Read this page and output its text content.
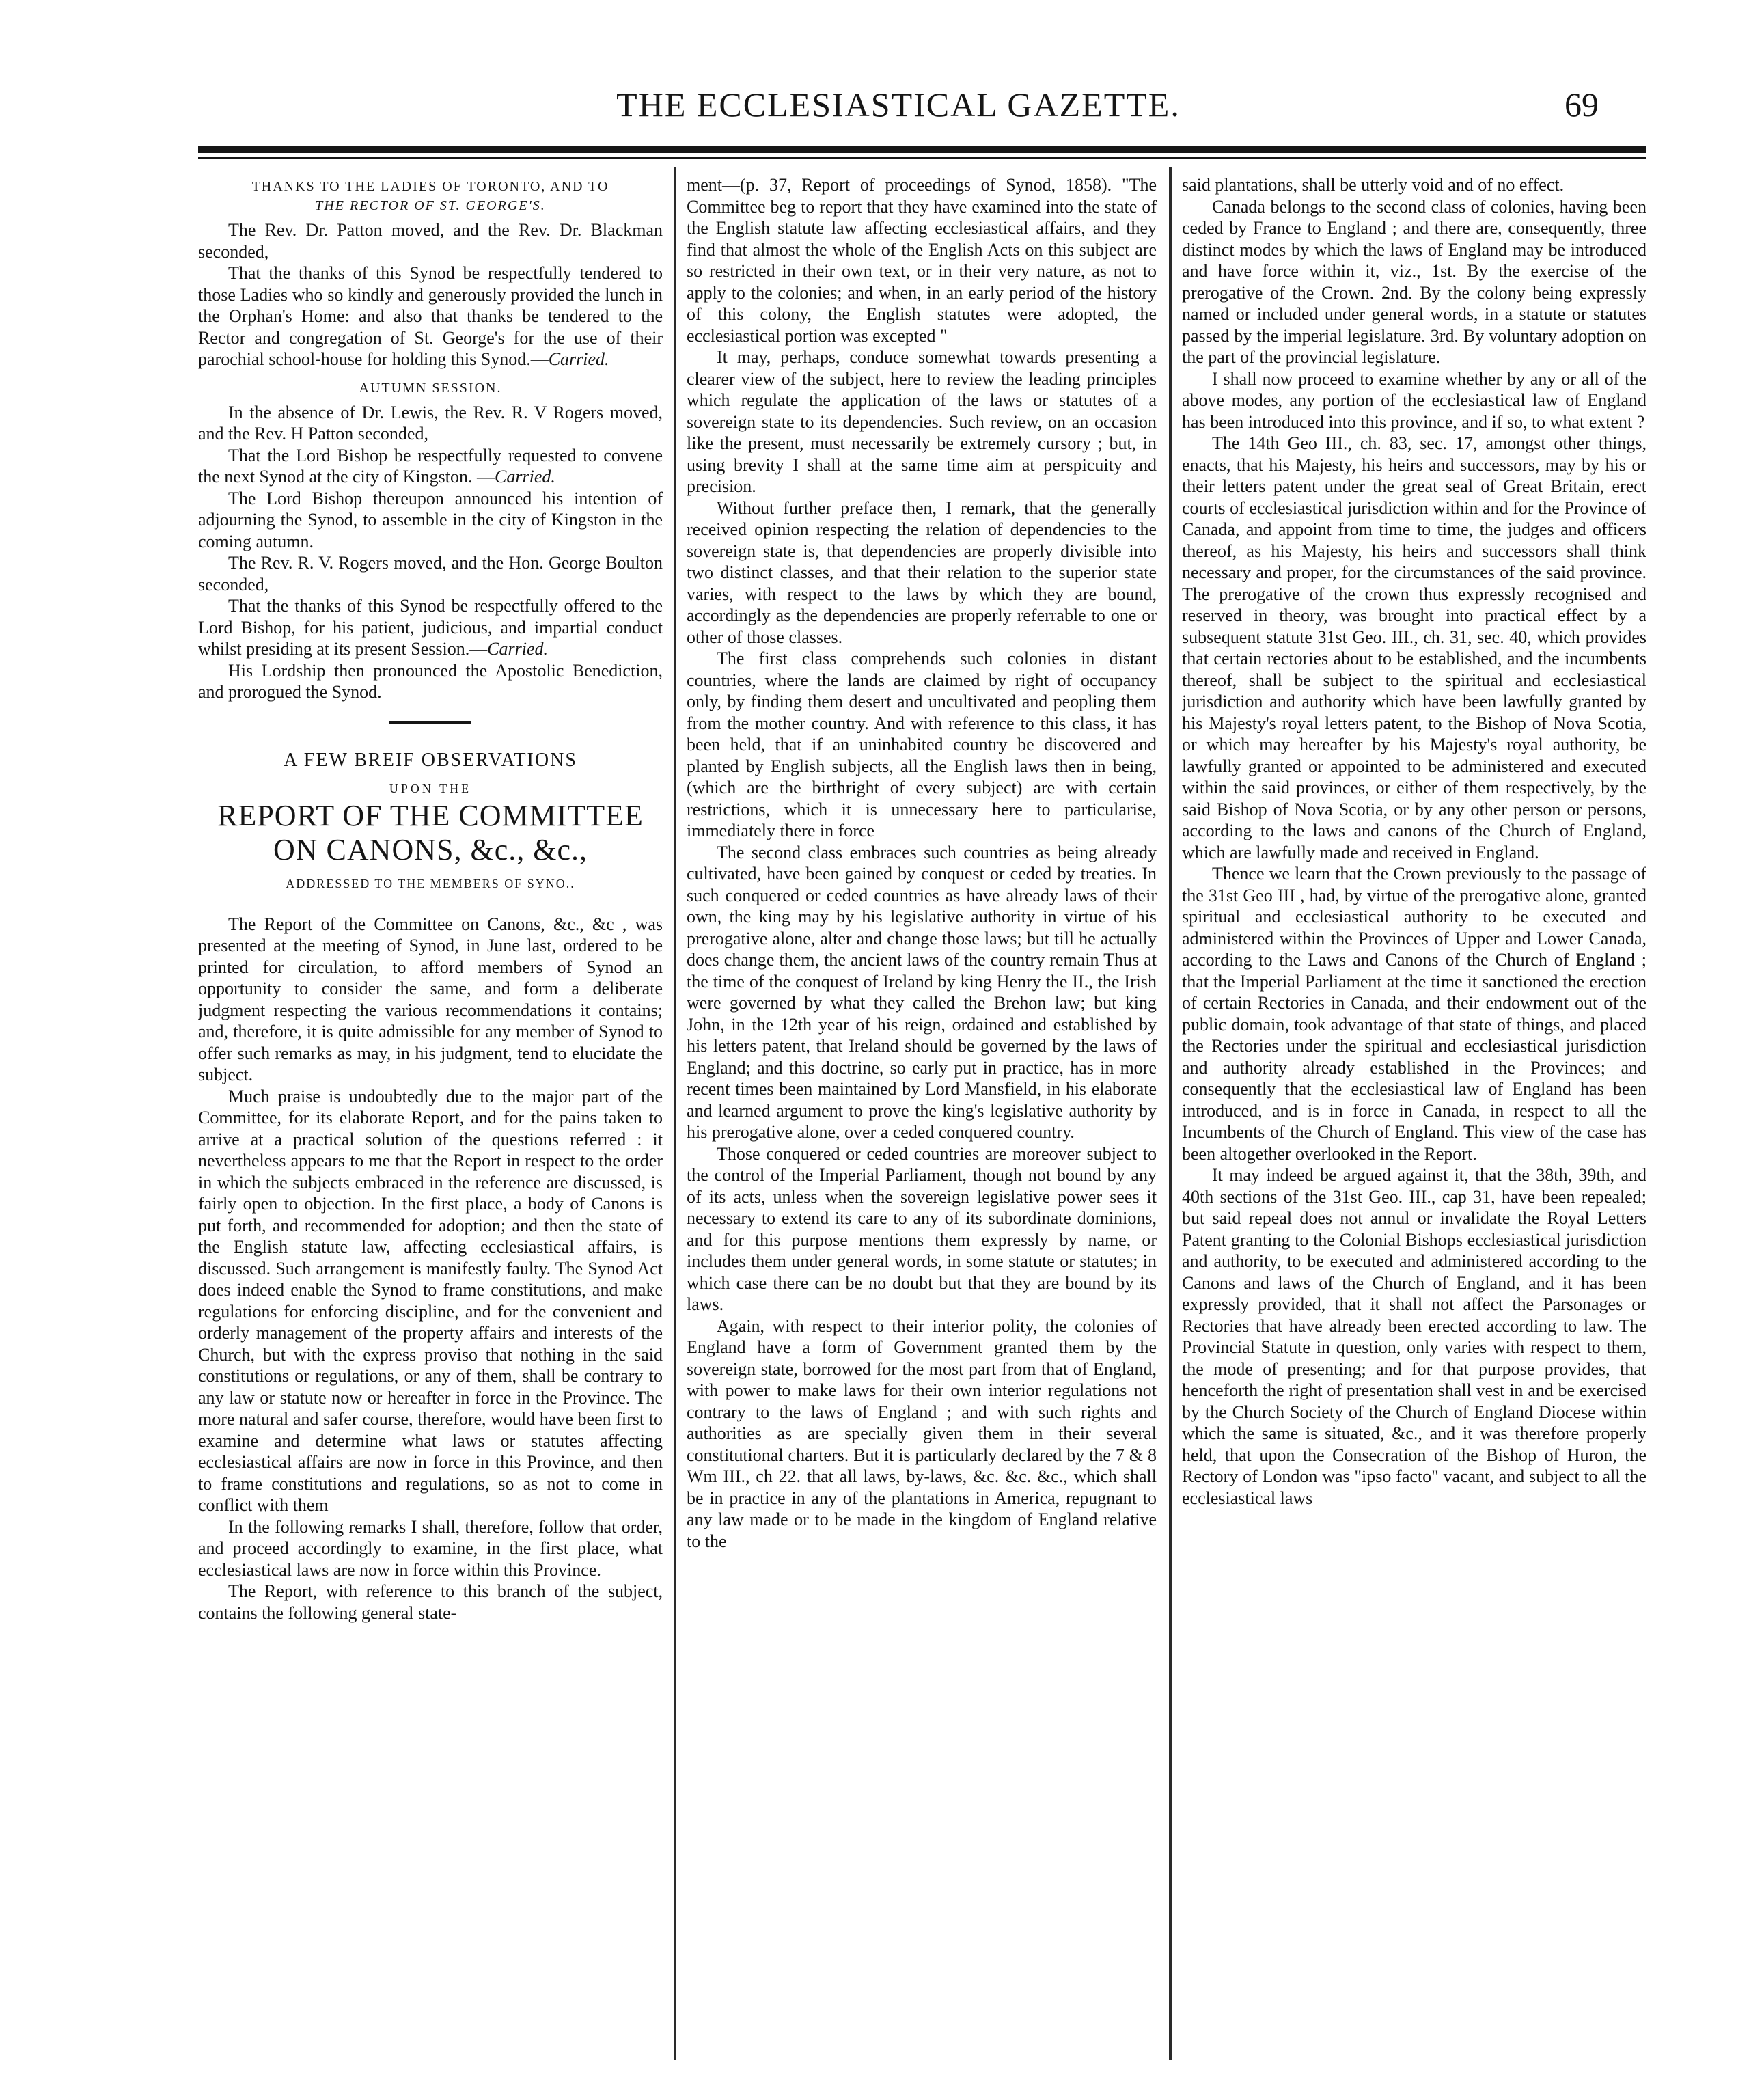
THE ECCLESIASTICAL GAZETTE.	69
THANKS TO THE LADIES OF TORONTO, AND TO
THE RECTOR OF ST. GEORGE'S.

The Rev. Dr. Patton moved, and the Rev. Dr. Blackman seconded,

That the thanks of this Synod be respectfully tendered to those Ladies who so kindly and generously provided the lunch in the Orphan's Home: and also that thanks be tendered to the Rector and congregation of St. George's for the use of their parochial school-house for holding this Synod.—Carried.

AUTUMN SESSION.

In the absence of Dr. Lewis, the Rev. R. V Rogers moved, and the Rev. H Patton seconded,

That the Lord Bishop be respectfully requested to convene the next Synod at the city of Kingston. —Carried.

The Lord Bishop thereupon announced his intention of adjourning the Synod, to assemble in the city of Kingston in the coming autumn.

The Rev. R. V. Rogers moved, and the Hon. George Boulton seconded,

That the thanks of this Synod be respectfully offered to the Lord Bishop, for his patient, judicious, and impartial conduct whilst presiding at its present Session.—Carried.

His Lordship then pronounced the Apostolic Benediction, and prorogued the Synod.

A FEW BREIF OBSERVATIONS
UPON THE
REPORT OF THE COMMITTEE
ON CANONS, &c., &c.,
ADDRESSED TO THE MEMBERS OF SYNO..

The Report of the Committee on Canons, &c., &c , was presented at the meeting of Synod, in June last, ordered to be printed for circulation, to afford members of Synod an opportunity to consider the same, and form a deliberate judgment respecting the various recommendations it contains; and, therefore, it is quite admissible for any member of Synod to offer such remarks as may, in his judgment, tend to elucidate the subject.

Much praise is undoubtedly due to the major part of the Committee, for its elaborate Report, and for the pains taken to arrive at a practical solution of the questions referred : it nevertheless appears to me that the Report in respect to the order in which the subjects embraced in the reference are discussed, is fairly open to objection. In the first place, a body of Canons is put forth, and recommended for adoption; and then the state of the English statute law, affecting ecclesiastical affairs, is discussed. Such arrangement is manifestly faulty. The Synod Act does indeed enable the Synod to frame constitutions, and make regulations for enforcing discipline, and for the convenient and orderly management of the property affairs and interests of the Church, but with the express proviso that nothing in the said constitutions or regulations, or any of them, shall be contrary to any law or statute now or hereafter in force in the Province. The more natural and safer course, therefore, would have been first to examine and determine what laws or statutes affecting ecclesiastical affairs are now in force in this Province, and then to frame constitutions and regulations, so as not to come in conflict with them

In the following remarks I shall, therefore, follow that order, and proceed accordingly to examine, in the first place, what ecclesiastical laws are now in force within this Province.

The Report, with reference to this branch of the subject, contains the following general state-

ment—(p. 37, Report of proceedings of Synod, 1858). "The Committee beg to report that they have examined into the state of the English statute law affecting ecclesiastical affairs, and they find that almost the whole of the English Acts on this subject are so restricted in their own text, or in their very nature, as not to apply to the colonies; and when, in an early period of the history of this colony, the English statutes were adopted, the ecclesiastical portion was excepted "

It may, perhaps, conduce somewhat towards presenting a clearer view of the subject, here to review the leading principles which regulate the application of the laws or statutes of a sovereign state to its dependencies. Such review, on an occasion like the present, must necessarily be extremely cursory ; but, in using brevity I shall at the same time aim at perspicuity and precision.

Without further preface then, I remark, that the generally received opinion respecting the relation of dependencies to the sovereign state is, that dependencies are properly divisible into two distinct classes, and that their relation to the superior state varies, with respect to the laws by which they are bound, accordingly as the dependencies are properly referrable to one or other of those classes.

The first class comprehends such colonies in distant countries, where the lands are claimed by right of occupancy only, by finding them desert and uncultivated and peopling them from the mother country. And with reference to this class, it has been held, that if an uninhabited country be discovered and planted by English subjects, all the English laws then in being, (which are the birthright of every subject) are with certain restrictions, which it is unnecessary here to particularise, immediately there in force

The second class embraces such countries as being already cultivated, have been gained by conquest or ceded by treaties. In such conquered or ceded countries as have already laws of their own, the king may by his legislative authority in virtue of his prerogative alone, alter and change those laws; but till he actually does change them, the ancient laws of the country remain Thus at the time of the conquest of Ireland by king Henry the II., the Irish were governed by what they called the Brehon law; but king John, in the 12th year of his reign, ordained and established by his letters patent, that Ireland should be governed by the laws of England; and this doctrine, so early put in practice, has in more recent times been maintained by Lord Mansfield, in his elaborate and learned argument to prove the king's legislative authority by his prerogative alone, over a ceded conquered country.

Those conquered or ceded countries are moreover subject to the control of the Imperial Parliament, though not bound by any of its acts, unless when the sovereign legislative power sees it necessary to extend its care to any of its subordinate dominions, and for this purpose mentions them expressly by name, or includes them under general words, in some statute or statutes; in which case there can be no doubt but that they are bound by its laws.

Again, with respect to their interior polity, the colonies of England have a form of Government granted them by the sovereign state, borrowed for the most part from that of England, with power to make laws for their own interior regulations not contrary to the laws of England ; and with such rights and authorities as are specially given them in their several constitutional charters. But it is particularly declared by the 7 & 8 Wm III., ch 22. that all laws, by-laws, &c. &c. &c., which shall be in practice in any of the plantations in America, repugnant to any law made or to be made in the kingdom of England relative to the

said plantations, shall be utterly void and of no effect.

Canada belongs to the second class of colonies, having been ceded by France to England ; and there are, consequently, three distinct modes by which the laws of England may be introduced and have force within it, viz., 1st. By the exercise of the prerogative of the Crown. 2nd. By the colony being expressly named or included under general words, in a statute or statutes passed by the imperial legislature. 3rd. By voluntary adoption on the part of the provincial legislature.

I shall now proceed to examine whether by any or all of the above modes, any portion of the ecclesiastical law of England has been introduced into this province, and if so, to what extent ?

The 14th Geo III., ch. 83, sec. 17, amongst other things, enacts, that his Majesty, his heirs and successors, may by his or their letters patent under the great seal of Great Britain, erect courts of ecclesiastical jurisdiction within and for the Province of Canada, and appoint from time to time, the judges and officers thereof, as his Majesty, his heirs and successors shall think necessary and proper, for the circumstances of the said province. The prerogative of the crown thus expressly recognised and reserved in theory, was brought into practical effect by a subsequent statute 31st Geo. III., ch. 31, sec. 40, which provides that certain rectories about to be established, and the incumbents thereof, shall be subject to the spiritual and ecclesiastical jurisdiction and authority which have been lawfully granted by his Majesty's royal letters patent, to the Bishop of Nova Scotia, or which may hereafter by his Majesty's royal authority, be lawfully granted or appointed to be administered and executed within the said provinces, or either of them respectively, by the said Bishop of Nova Scotia, or by any other person or persons, according to the laws and canons of the Church of England, which are lawfully made and received in England.

Thence we learn that the Crown previously to the passage of the 31st Geo III , had, by virtue of the prerogative alone, granted spiritual and ecclesiastical authority to be executed and administered within the Provinces of Upper and Lower Canada, according to the Laws and Canons of the Church of England ; that the Imperial Parliament at the time it sanctioned the erection of certain Rectories in Canada, and their endowment out of the public domain, took advantage of that state of things, and placed the Rectories under the spiritual and ecclesiastical jurisdiction and authority already established in the Provinces; and consequently that the ecclesiastical law of England has been introduced, and is in force in Canada, in respect to all the Incumbents of the Church of England. This view of the case has been altogether overlooked in the Report.

It may indeed be argued against it, that the 38th, 39th, and 40th sections of the 31st Geo. III., cap 31, have been repealed; but said repeal does not annul or invalidate the Royal Letters Patent granting to the Colonial Bishops ecclesiastical jurisdiction and authority, to be executed and administered according to the Canons and laws of the Church of England, and it has been expressly provided, that it shall not affect the Parsonages or Rectories that have already been erected according to law. The Provincial Statute in question, only varies with respect to them, the mode of presenting; and for that purpose provides, that henceforth the right of presentation shall vest in and be exercised by the Church Society of the Church of England Diocese within which the same is situated, &c., and it was therefore properly held, that upon the Consecration of the Bishop of Huron, the Rectory of London was "ipso facto" vacant, and subject to all the ecclesiastical laws
